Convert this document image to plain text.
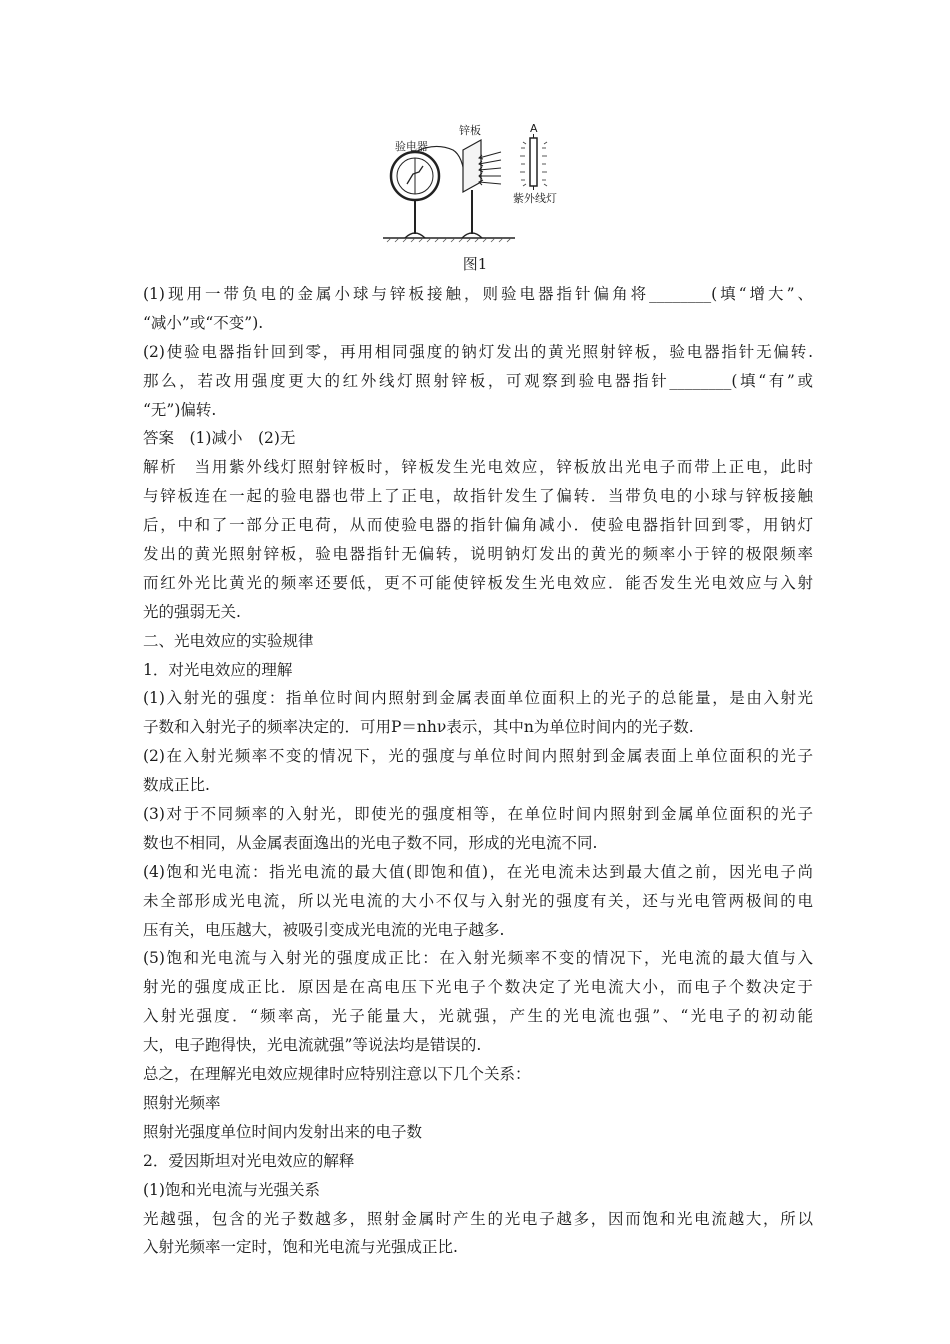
验电器
锌板	A
紫外线灯
图1
(1)现用一带负电的金属小球与锌板接触，则验电器指针偏角将________(填“增大”、
“减小”或“不变”).
(2)使验电器指针回到零，再用相同强度的钠灯发出的黄光照射锌板，验电器指针无偏转.
那么，若改用强度更大的红外线灯照射锌板，可观察到验电器指针________(填“有”或
“无”)偏转.
答案　(1)减小　(2)无
解析　当用紫外线灯照射锌板时，锌板发生光电效应，锌板放出光电子而带上正电，此时
与锌板连在一起的验电器也带上了正电，故指针发生了偏转．当带负电的小球与锌板接触
后，中和了一部分正电荷，从而使验电器的指针偏角减小．使验电器指针回到零，用钠灯
发出的黄光照射锌板，验电器指针无偏转，说明钠灯发出的黄光的频率小于锌的极限频率
而红外光比黄光的频率还要低，更不可能使锌板发生光电效应．能否发生光电效应与入射
光的强弱无关.
二、光电效应的实验规律
1．对光电效应的理解
(1)入射光的强度：指单位时间内照射到金属表面单位面积上的光子的总能量，是由入射光
子数和入射光子的频率决定的．可用P＝nhν表示，其中n为单位时间内的光子数.
(2)在入射光频率不变的情况下，光的强度与单位时间内照射到金属表面上单位面积的光子
数成正比.
(3)对于不同频率的入射光，即使光的强度相等，在单位时间内照射到金属单位面积的光子
数也不相同，从金属表面逸出的光电子数不同，形成的光电流不同.
(4)饱和光电流：指光电流的最大值(即饱和值)，在光电流未达到最大值之前，因光电子尚
未全部形成光电流，所以光电流的大小不仅与入射光的强度有关，还与光电管两极间的电
压有关，电压越大，被吸引变成光电流的光电子越多.
(5)饱和光电流与入射光的强度成正比：在入射光频率不变的情况下，光电流的最大值与入
射光的强度成正比．原因是在高电压下光电子个数决定了光电流大小，而电子个数决定于
入射光强度．“频率高，光子能量大，光就强，产生的光电流也强”、“光电子的初动能
大，电子跑得快，光电流就强”等说法均是错误的.
总之，在理解光电效应规律时应特别注意以下几个关系：
照射光频率
照射光强度单位时间内发射出来的电子数
2．爱因斯坦对光电效应的解释
(1)饱和光电流与光强关系
光越强，包含的光子数越多，照射金属时产生的光电子越多，因而饱和光电流越大，所以
入射光频率一定时，饱和光电流与光强成正比.
